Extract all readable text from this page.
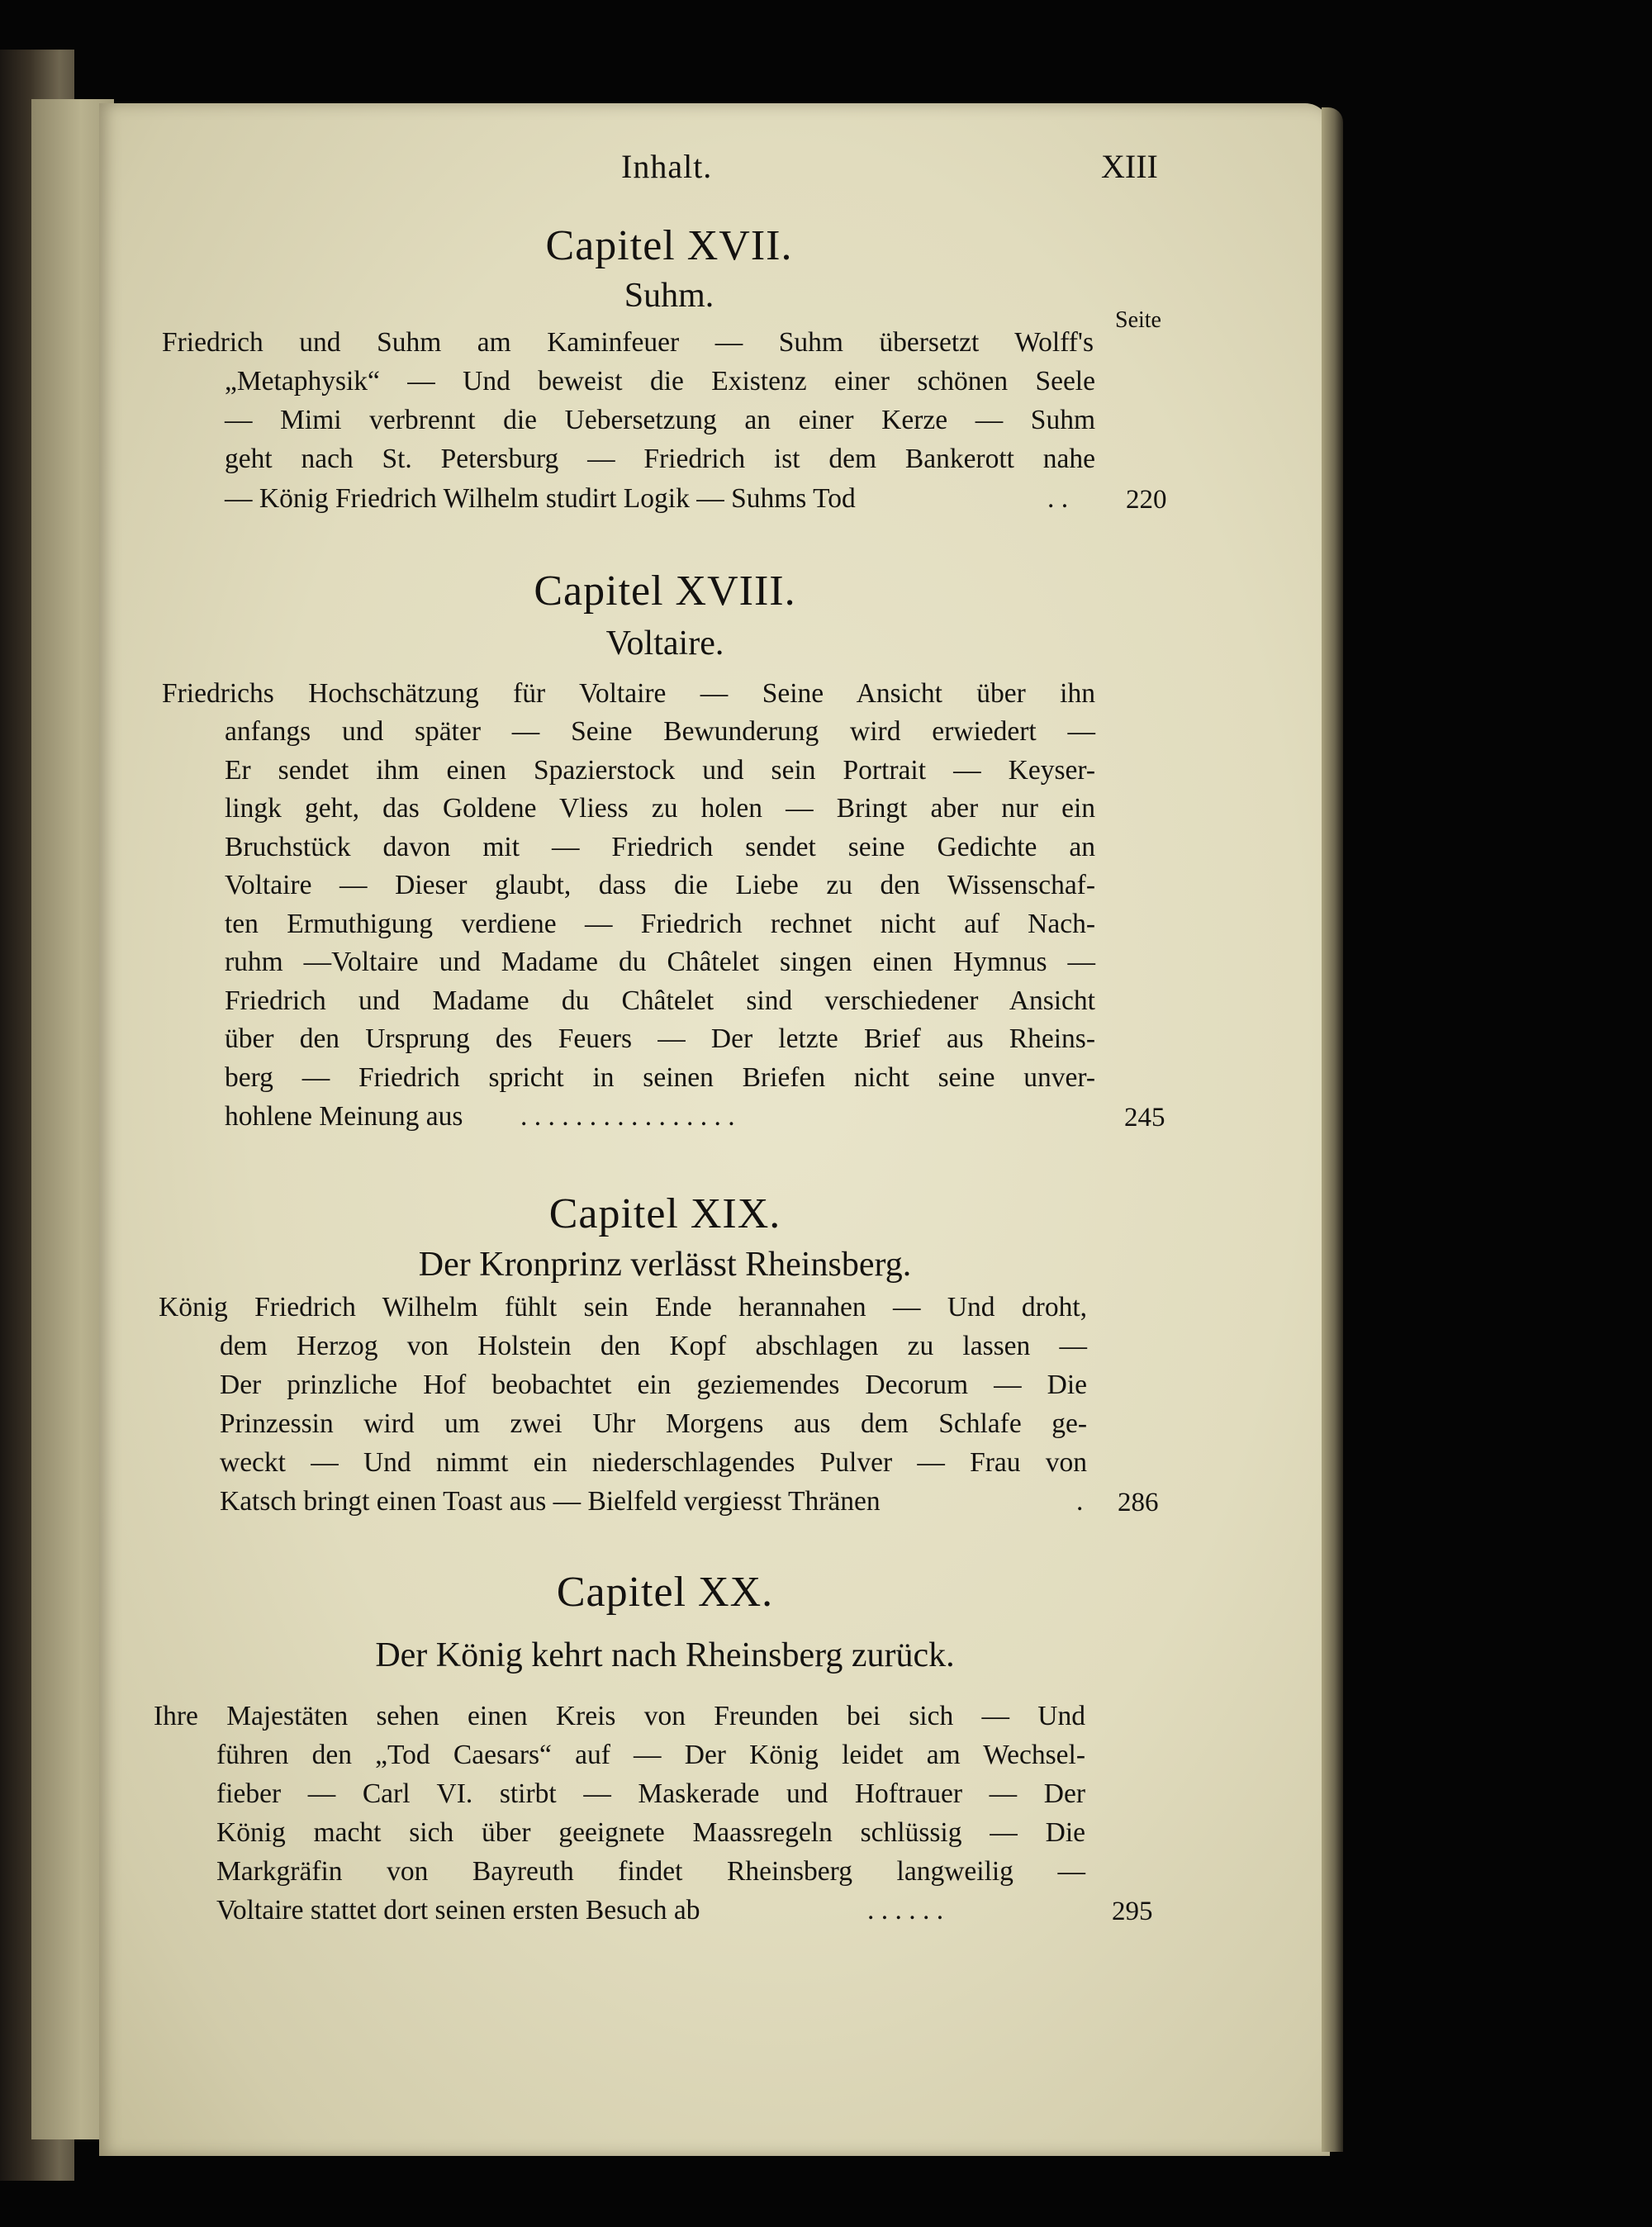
Inhalt.	XIII
Capitel XVII.
Suhm.
Seite
Friedrich und Suhm am Kaminfeuer — Suhm übersetzt Wolff's
„Metaphysik“ — Und beweist die Existenz einer schönen Seele
— Mimi verbrennt die Uebersetzung an einer Kerze — Suhm
geht nach St. Petersburg — Friedrich ist dem Bankerott nahe
— König Friedrich Wilhelm studirt Logik — Suhms Tod	. . 220
Capitel XVIII.
Voltaire.
Friedrichs Hochschätzung für Voltaire — Seine Ansicht über ihn
anfangs und später — Seine Bewunderung wird erwiedert —
Er sendet ihm einen Spazierstock und sein Portrait — Keyser-
lingk geht, das Goldene Vliess zu holen — Bringt aber nur ein
Bruchstück davon mit — Friedrich sendet seine Gedichte an
Voltaire — Dieser glaubt, dass die Liebe zu den Wissenschaf-
ten Ermuthigung verdiene — Friedrich rechnet nicht auf Nach-
ruhm —Voltaire und Madame du Châtelet singen einen Hymnus —
Friedrich und Madame du Châtelet sind verschiedener Ansicht
über den Ursprung des Feuers — Der letzte Brief aus Rheins-
berg — Friedrich spricht in seinen Briefen nicht seine unver-
hohlene Meinung aus . . . . . . . . . . . . . . . .	245
Capitel XIX.
Der Kronprinz verlässt Rheinsberg.
König Friedrich Wilhelm fühlt sein Ende herannahen — Und droht,
dem Herzog von Holstein den Kopf abschlagen zu lassen —
Der prinzliche Hof beobachtet ein geziemendes Decorum — Die
Prinzessin wird um zwei Uhr Morgens aus dem Schlafe ge-
weckt — Und nimmt ein niederschlagendes Pulver — Frau von
Katsch bringt einen Toast aus — Bielfeld vergiesst Thränen	. 286
Capitel XX.
Der König kehrt nach Rheinsberg zurück.
Ihre Majestäten sehen einen Kreis von Freunden bei sich — Und
führen den „Tod Caesars“ auf — Der König leidet am Wechsel-
fieber — Carl VI. stirbt — Maskerade und Hoftrauer — Der
König macht sich über geeignete Maassregeln schlüssig — Die
Markgräfin von Bayreuth findet Rheinsberg langweilig —
Voltaire stattet dort seinen ersten Besuch ab	. . . . . .	295
